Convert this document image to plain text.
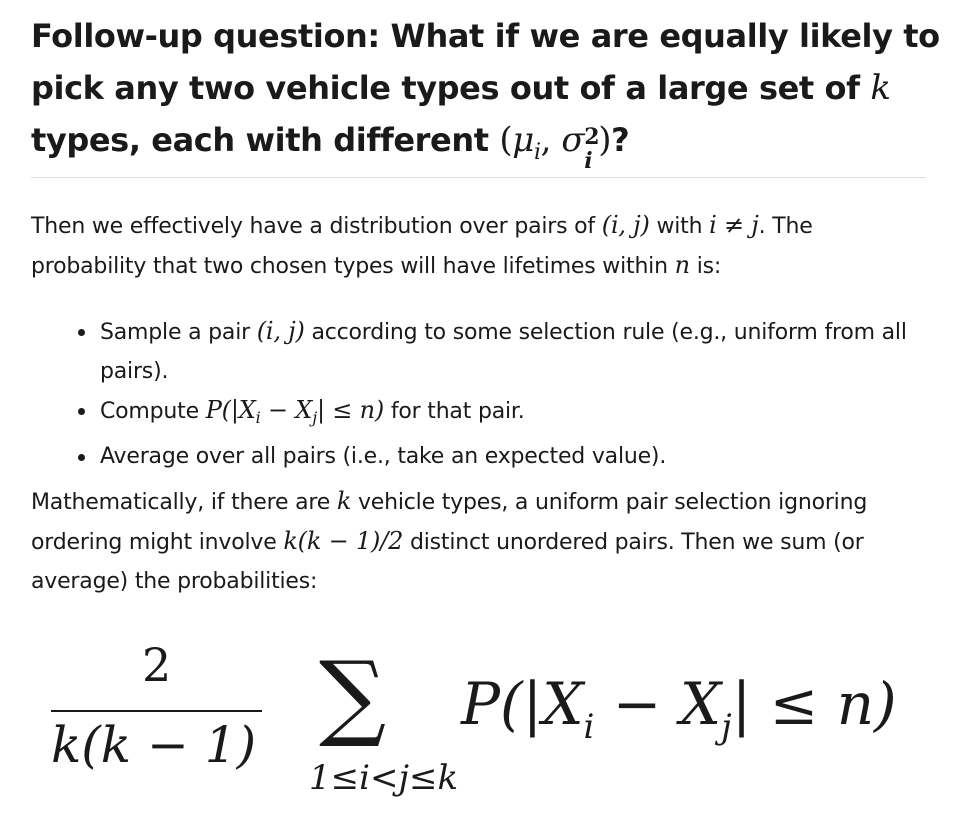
Follow-up question: What if we are equally likely to
pick any two vehicle types out of a large set of k
types, each with different ($\mu_i$, σ 2
i
)?
Then we effectively have a distribution over pairs of (i, j) with i ≠ j. The
probability that two chosen types will have lifetimes within n is:
Sample a pair (i, j) according to some selection rule (e.g., uniform from all pairs).
Compute $P(|X_i - X_j| \le n)$ for that pair.
Average over all pairs (i.e., take an expected value).
Mathematically, if there are k vehicle types, a uniform pair selection ignoring
ordering might involve k(k − 1)/2 distinct unordered pairs. Then we sum (or
average) the probabilities:
2
k(k − 1) ∑
1≤i<j≤k
$P(|X_i - X_j| \le n)$
